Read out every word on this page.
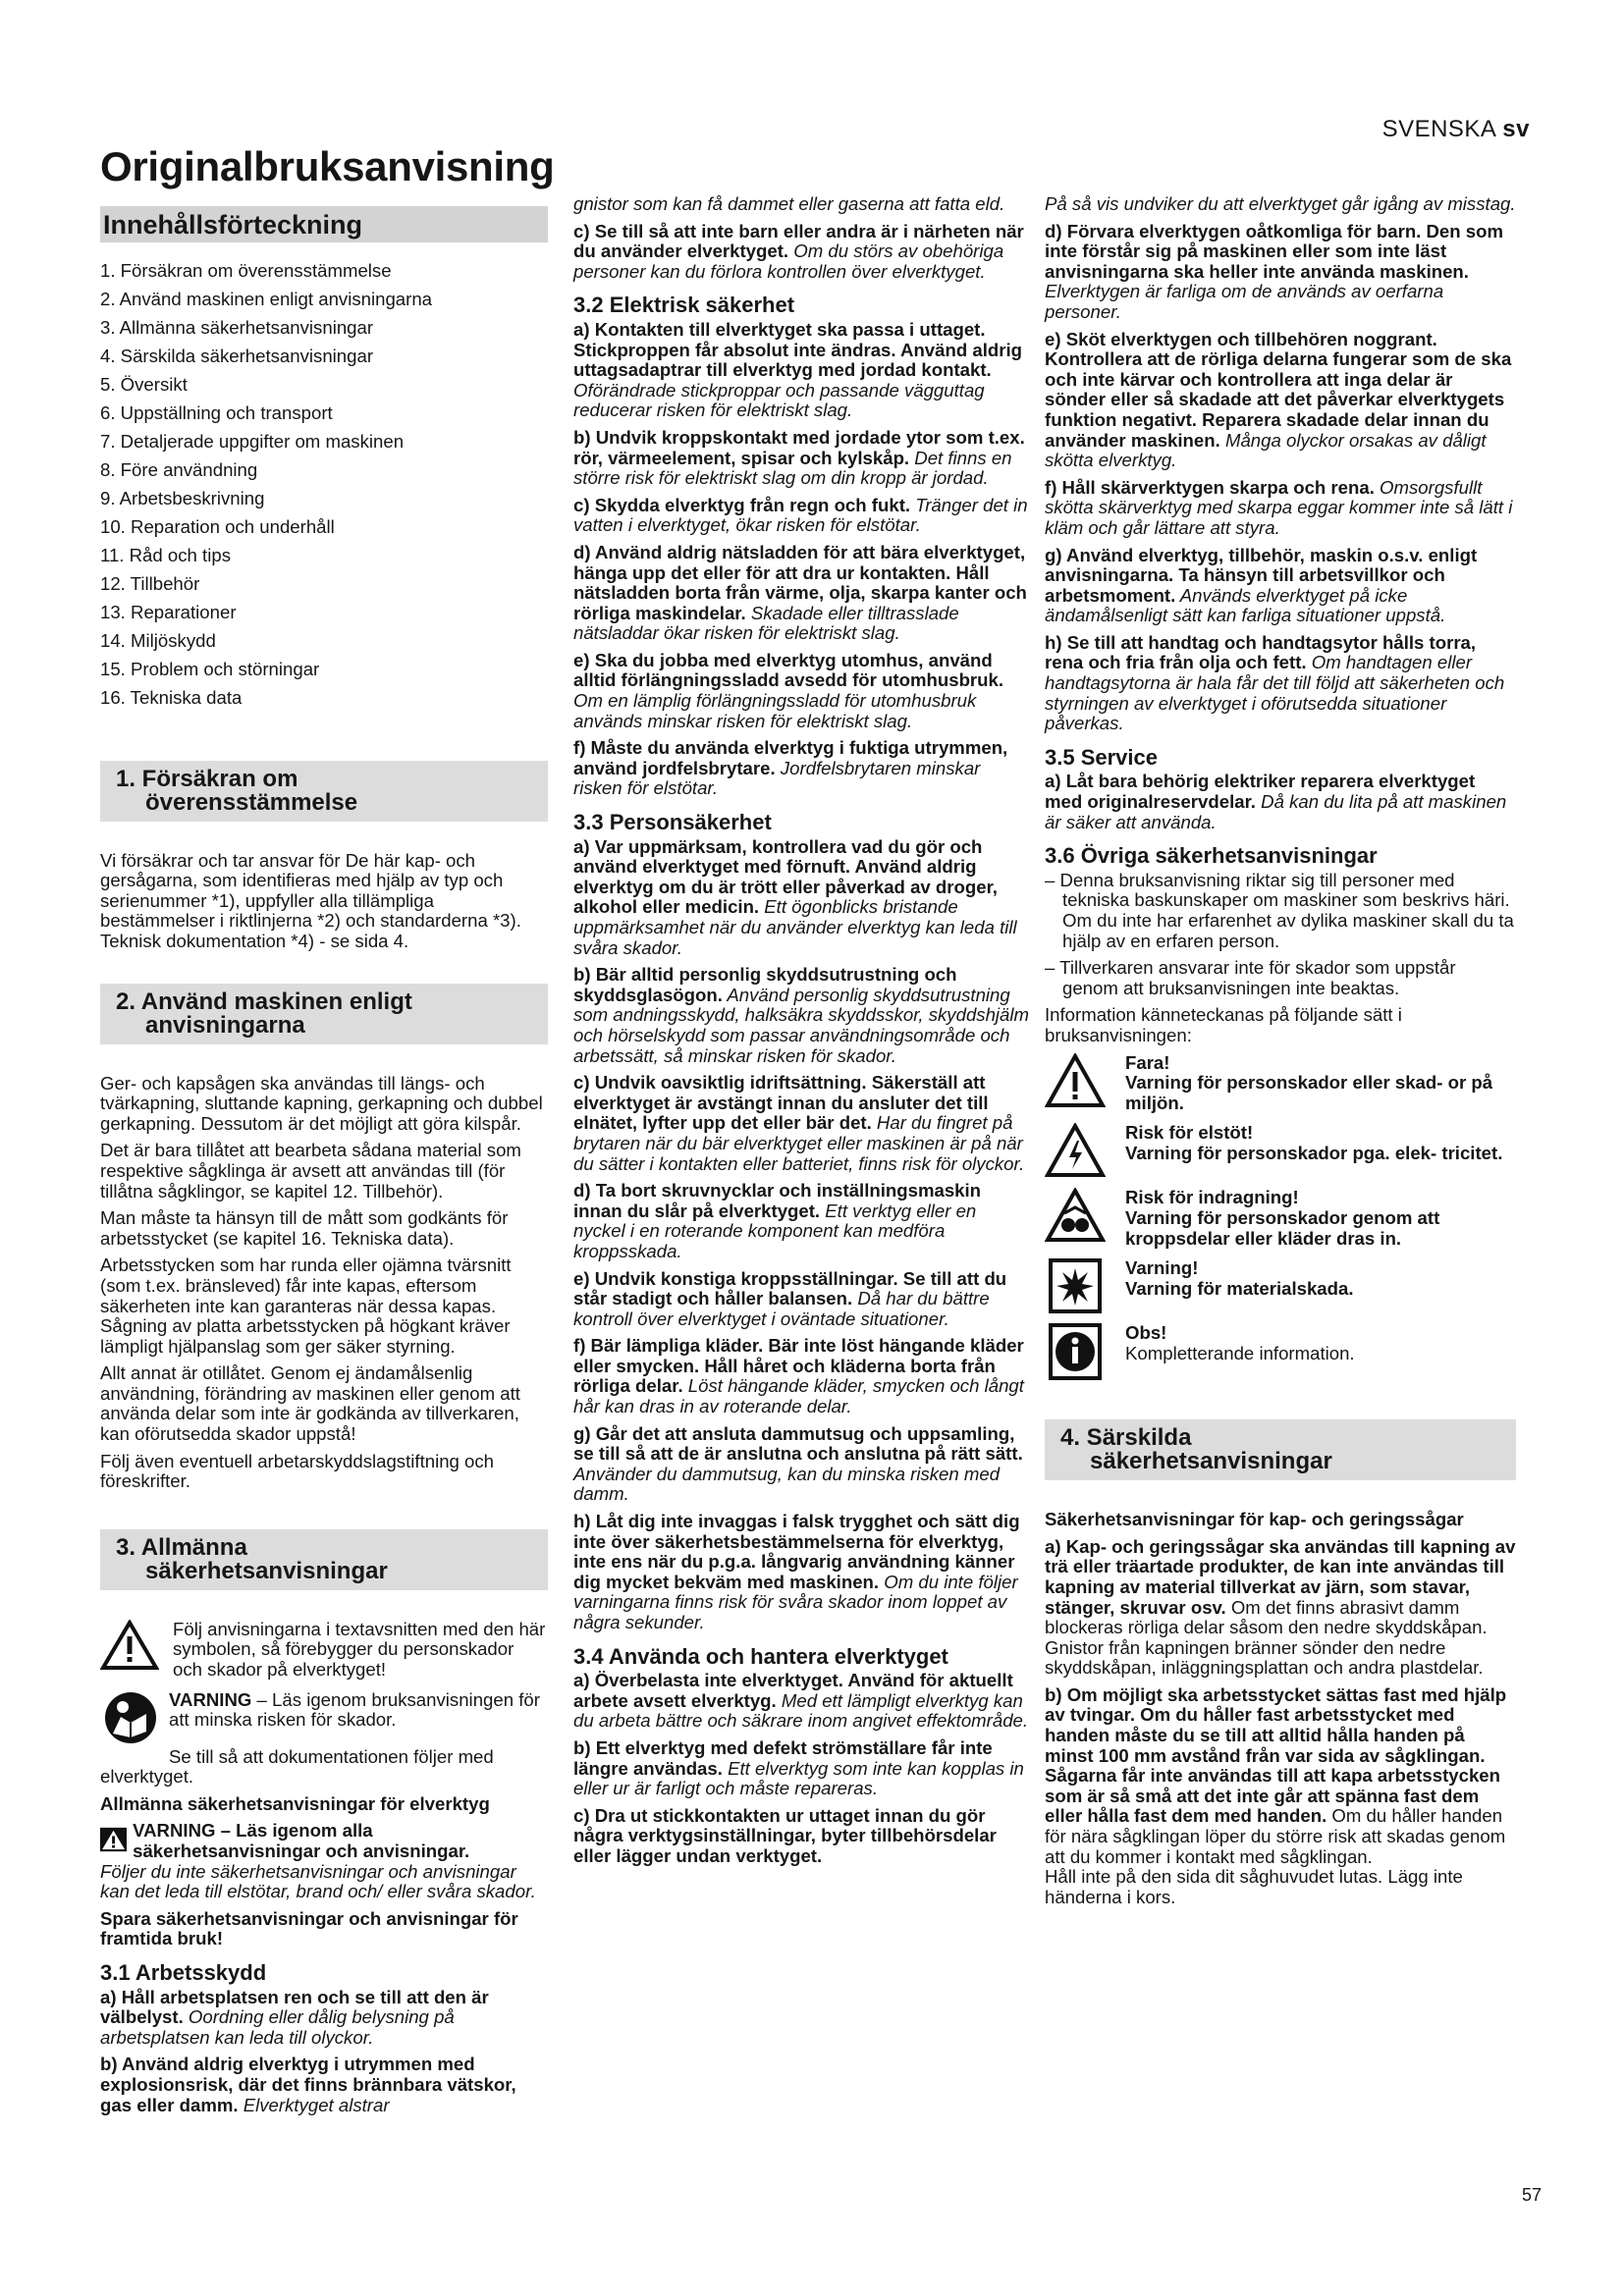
SVENSKA sv
Originalbruksanvisning
Innehållsförteckning
1. Försäkran om överensstämmelse
2. Använd maskinen enligt anvisningarna
3. Allmänna säkerhetsanvisningar
4. Särskilda säkerhetsanvisningar
5. Översikt
6. Uppställning och transport
7. Detaljerade uppgifter om maskinen
8. Före användning
9. Arbetsbeskrivning
10. Reparation och underhåll
11. Råd och tips
12. Tillbehör
13. Reparationer
14. Miljöskydd
15. Problem och störningar
16. Tekniska data
1. Försäkran om
överensstämmelse

Vi försäkrar och tar ansvar för De här kap- och gersågarna, som identifieras med hjälp av typ och serienummer *1), uppfyller alla tillämpliga bestämmelser i riktlinjerna *2) och standarderna *3). Teknisk dokumentation *4) - se sida 4.

2. Använd maskinen enligt
anvisningarna

Ger- och kapsågen ska användas till längs- och tvärkapning, sluttande kapning, gerkapning och dubbel gerkapning. Dessutom är det möjligt att göra kilspår.

Det är bara tillåtet att bearbeta sådana material som respektive sågklinga är avsett att användas till (för tillåtna sågklingor, se kapitel 12. Tillbehör).

Man måste ta hänsyn till de mått som godkänts för arbetsstycket (se kapitel 16. Tekniska data).

Arbetsstycken som har runda eller ojämna tvärsnitt (som t.ex. bränsleved) får inte kapas, eftersom säkerheten inte kan garanteras när dessa kapas. Sågning av platta arbetsstycken på högkant kräver lämpligt hjälpanslag som ger säker styrning.

Allt annat är otillåtet. Genom ej ändamålsenlig användning, förändring av maskinen eller genom att använda delar som inte är godkända av tillverkaren, kan oförutsedda skador uppstå!

Följ även eventuell arbetarskyddslagstiftning och föreskrifter.

3. Allmänna
säkerhetsanvisningar
Följ anvisningarna i textavsnitten med den här symbolen, så förebygger du personskador och skador på elverktyget!
VARNING – Läs igenom bruksanvisningen för att minska risken för skador.

Se till så att dokumentationen följer med elverktyget.

Allmänna säkerhetsanvisningar för elverktyg

VARNING – Läs igenom alla säkerhetsanvisningar och anvisningar.

Följer du inte säkerhetsanvisningar och anvisningar kan det leda till elstötar, brand och/ eller svåra skador.

Spara säkerhetsanvisningar och anvisningar för framtida bruk!

3.1 Arbetsskydd

a) Håll arbetsplatsen ren och se till att den är välbelyst. Oordning eller dålig belysning på arbetsplatsen kan leda till olyckor.

b) Använd aldrig elverktyg i utrymmen med explosionsrisk, där det finns brännbara vätskor, gas eller damm. Elverktyget alstrar

gnistor som kan få dammet eller gaserna att fatta eld.

c) Se till så att inte barn eller andra är i närheten när du använder elverktyget. Om du störs av obehöriga personer kan du förlora kontrollen över elverktyget.

3.2 Elektrisk säkerhet

a) Kontakten till elverktyget ska passa i uttaget. Stickproppen får absolut inte ändras. Använd aldrig uttagsadaptrar till elverktyg med jordad kontakt. Oförändrade stickproppar och passande vägguttag reducerar risken för elektriskt slag.

b) Undvik kroppskontakt med jordade ytor som t.ex. rör, värmeelement, spisar och kylskåp. Det finns en större risk för elektriskt slag om din kropp är jordad.

c) Skydda elverktyg från regn och fukt. Tränger det in vatten i elverktyget, ökar risken för elstötar.

d) Använd aldrig nätsladden för att bära elverktyget, hänga upp det eller för att dra ur kontakten. Håll nätsladden borta från värme, olja, skarpa kanter och rörliga maskindelar. Skadade eller tilltrasslade nätsladdar ökar risken för elektriskt slag.

e) Ska du jobba med elverktyg utomhus, använd alltid förlängningssladd avsedd för utomhusbruk. Om en lämplig förlängningssladd för utomhusbruk används minskar risken för elektriskt slag.

f) Måste du använda elverktyg i fuktiga utrymmen, använd jordfelsbrytare. Jordfelsbrytaren minskar risken för elstötar.

3.3 Personsäkerhet

a) Var uppmärksam, kontrollera vad du gör och använd elverktyget med förnuft. Använd aldrig elverktyg om du är trött eller påverkad av droger, alkohol eller medicin. Ett ögonblicks bristande uppmärksamhet när du använder elverktyg kan leda till svåra skador.

b) Bär alltid personlig skyddsutrustning och skyddsglasögon. Använd personlig skyddsutrustning som andningsskydd, halksäkra skyddsskor, skyddshjälm och hörselskydd som passar användningsområde och arbetssätt, så minskar risken för skador.

c) Undvik oavsiktlig idriftsättning. Säkerställ att elverktyget är avstängt innan du ansluter det till elnätet, lyfter upp det eller bär det. Har du fingret på brytaren när du bär elverktyget eller maskinen är på när du sätter i kontakten eller batteriet, finns risk för olyckor.

d) Ta bort skruvnycklar och inställningsmaskin innan du slår på elverktyget. Ett verktyg eller en nyckel i en roterande komponent kan medföra kroppsskada.

e) Undvik konstiga kroppsställningar. Se till att du står stadigt och håller balansen. Då har du bättre kontroll över elverktyget i oväntade situationer.

f) Bär lämpliga kläder. Bär inte löst hängande kläder eller smycken. Håll håret och kläderna borta från rörliga delar. Löst hängande kläder, smycken och långt hår kan dras in av roterande delar.

g) Går det att ansluta dammutsug och uppsamling, se till så att de är anslutna och anslutna på rätt sätt. Använder du dammutsug, kan du minska risken med damm.

h) Låt dig inte invaggas i falsk trygghet och sätt dig inte över säkerhetsbestämmelserna för elverktyg, inte ens när du p.g.a. långvarig användning känner dig mycket bekväm med maskinen. Om du inte följer varningarna finns risk för svåra skador inom loppet av några sekunder.

3.4 Använda och hantera elverktyget

a) Överbelasta inte elverktyget. Använd för aktuellt arbete avsett elverktyg. Med ett lämpligt elverktyg kan du arbeta bättre och säkrare inom angivet effektområde.

b) Ett elverktyg med defekt strömställare får inte längre användas. Ett elverktyg som inte kan kopplas in eller ur är farligt och måste repareras.

c) Dra ut stickkontakten ur uttaget innan du gör några verktygsinställningar, byter tillbehörsdelar eller lägger undan verktyget.

På så vis undviker du att elverktyget går igång av misstag.

d) Förvara elverktygen oåtkomliga för barn. Den som inte förstår sig på maskinen eller som inte läst anvisningarna ska heller inte använda maskinen. Elverktygen är farliga om de används av oerfarna personer.

e) Sköt elverktygen och tillbehören noggrant. Kontrollera att de rörliga delarna fungerar som de ska och inte kärvar och kontrollera att inga delar är sönder eller så skadade att det påverkar elverktygets funktion negativt. Reparera skadade delar innan du använder maskinen. Många olyckor orsakas av dåligt skötta elverktyg.

f) Håll skärverktygen skarpa och rena. Omsorgsfullt skötta skärverktyg med skarpa eggar kommer inte så lätt i kläm och går lättare att styra.

g) Använd elverktyg, tillbehör, maskin o.s.v. enligt anvisningarna. Ta hänsyn till arbetsvillkor och arbetsmoment. Används elverktyget på icke ändamålsenligt sätt kan farliga situationer uppstå.

h) Se till att handtag och handtagsytor hålls torra, rena och fria från olja och fett. Om handtagen eller handtagsytorna är hala får det till följd att säkerheten och styrningen av elverktyget i oförutsedda situationer påverkas.

3.5 Service

a) Låt bara behörig elektriker reparera elverktyget med originalreservdelar. Då kan du lita på att maskinen är säker att använda.

3.6 Övriga säkerhetsanvisningar

– Denna bruksanvisning riktar sig till personer med tekniska baskunskaper om maskiner som beskrivs häri. Om du inte har erfarenhet av dylika maskiner skall du ta hjälp av en erfaren person.

– Tillverkaren ansvarar inte för skador som uppstår genom att bruksanvisningen inte beaktas.

Information känneteckanas på följande sätt i bruksanvisningen:

Fara!
Varning för personskador eller skad- or på miljön.
Risk för elstöt!
Varning för personskador pga. elek- tricitet.
Risk för indragning!
Varning för personskador genom att kroppsdelar eller kläder dras in.
Varning!
Varning för materialskada.
Obs!
Kompletterande information.
4. Särskilda
säkerhetsanvisningar

Säkerhetsanvisningar för kap- och geringssågar

a) Kap- och geringssågar ska användas till kapning av trä eller träartade produkter, de kan inte användas till kapning av material tillverkat av järn, som stavar, stänger, skruvar osv. Om det finns abrasivt damm blockeras rörliga delar såsom den nedre skyddskåpan. Gnistor från kapningen bränner sönder den nedre skyddskåpan, inläggningsplattan och andra plastdelar.

b) Om möjligt ska arbetsstycket sättas fast med hjälp av tvingar. Om du håller fast arbetsstycket med handen måste du se till att alltid hålla handen på minst 100 mm avstånd från var sida av sågklingan. Sågarna får inte användas till att kapa arbetsstycken som är så små att det inte går att spänna fast dem eller hålla fast dem med handen. Om du håller handen för nära sågklingan löper du större risk att skadas genom att du kommer i kontakt med sågklingan.

Håll inte på den sida dit såghuvudet lutas. Lägg inte händerna i kors.

57
